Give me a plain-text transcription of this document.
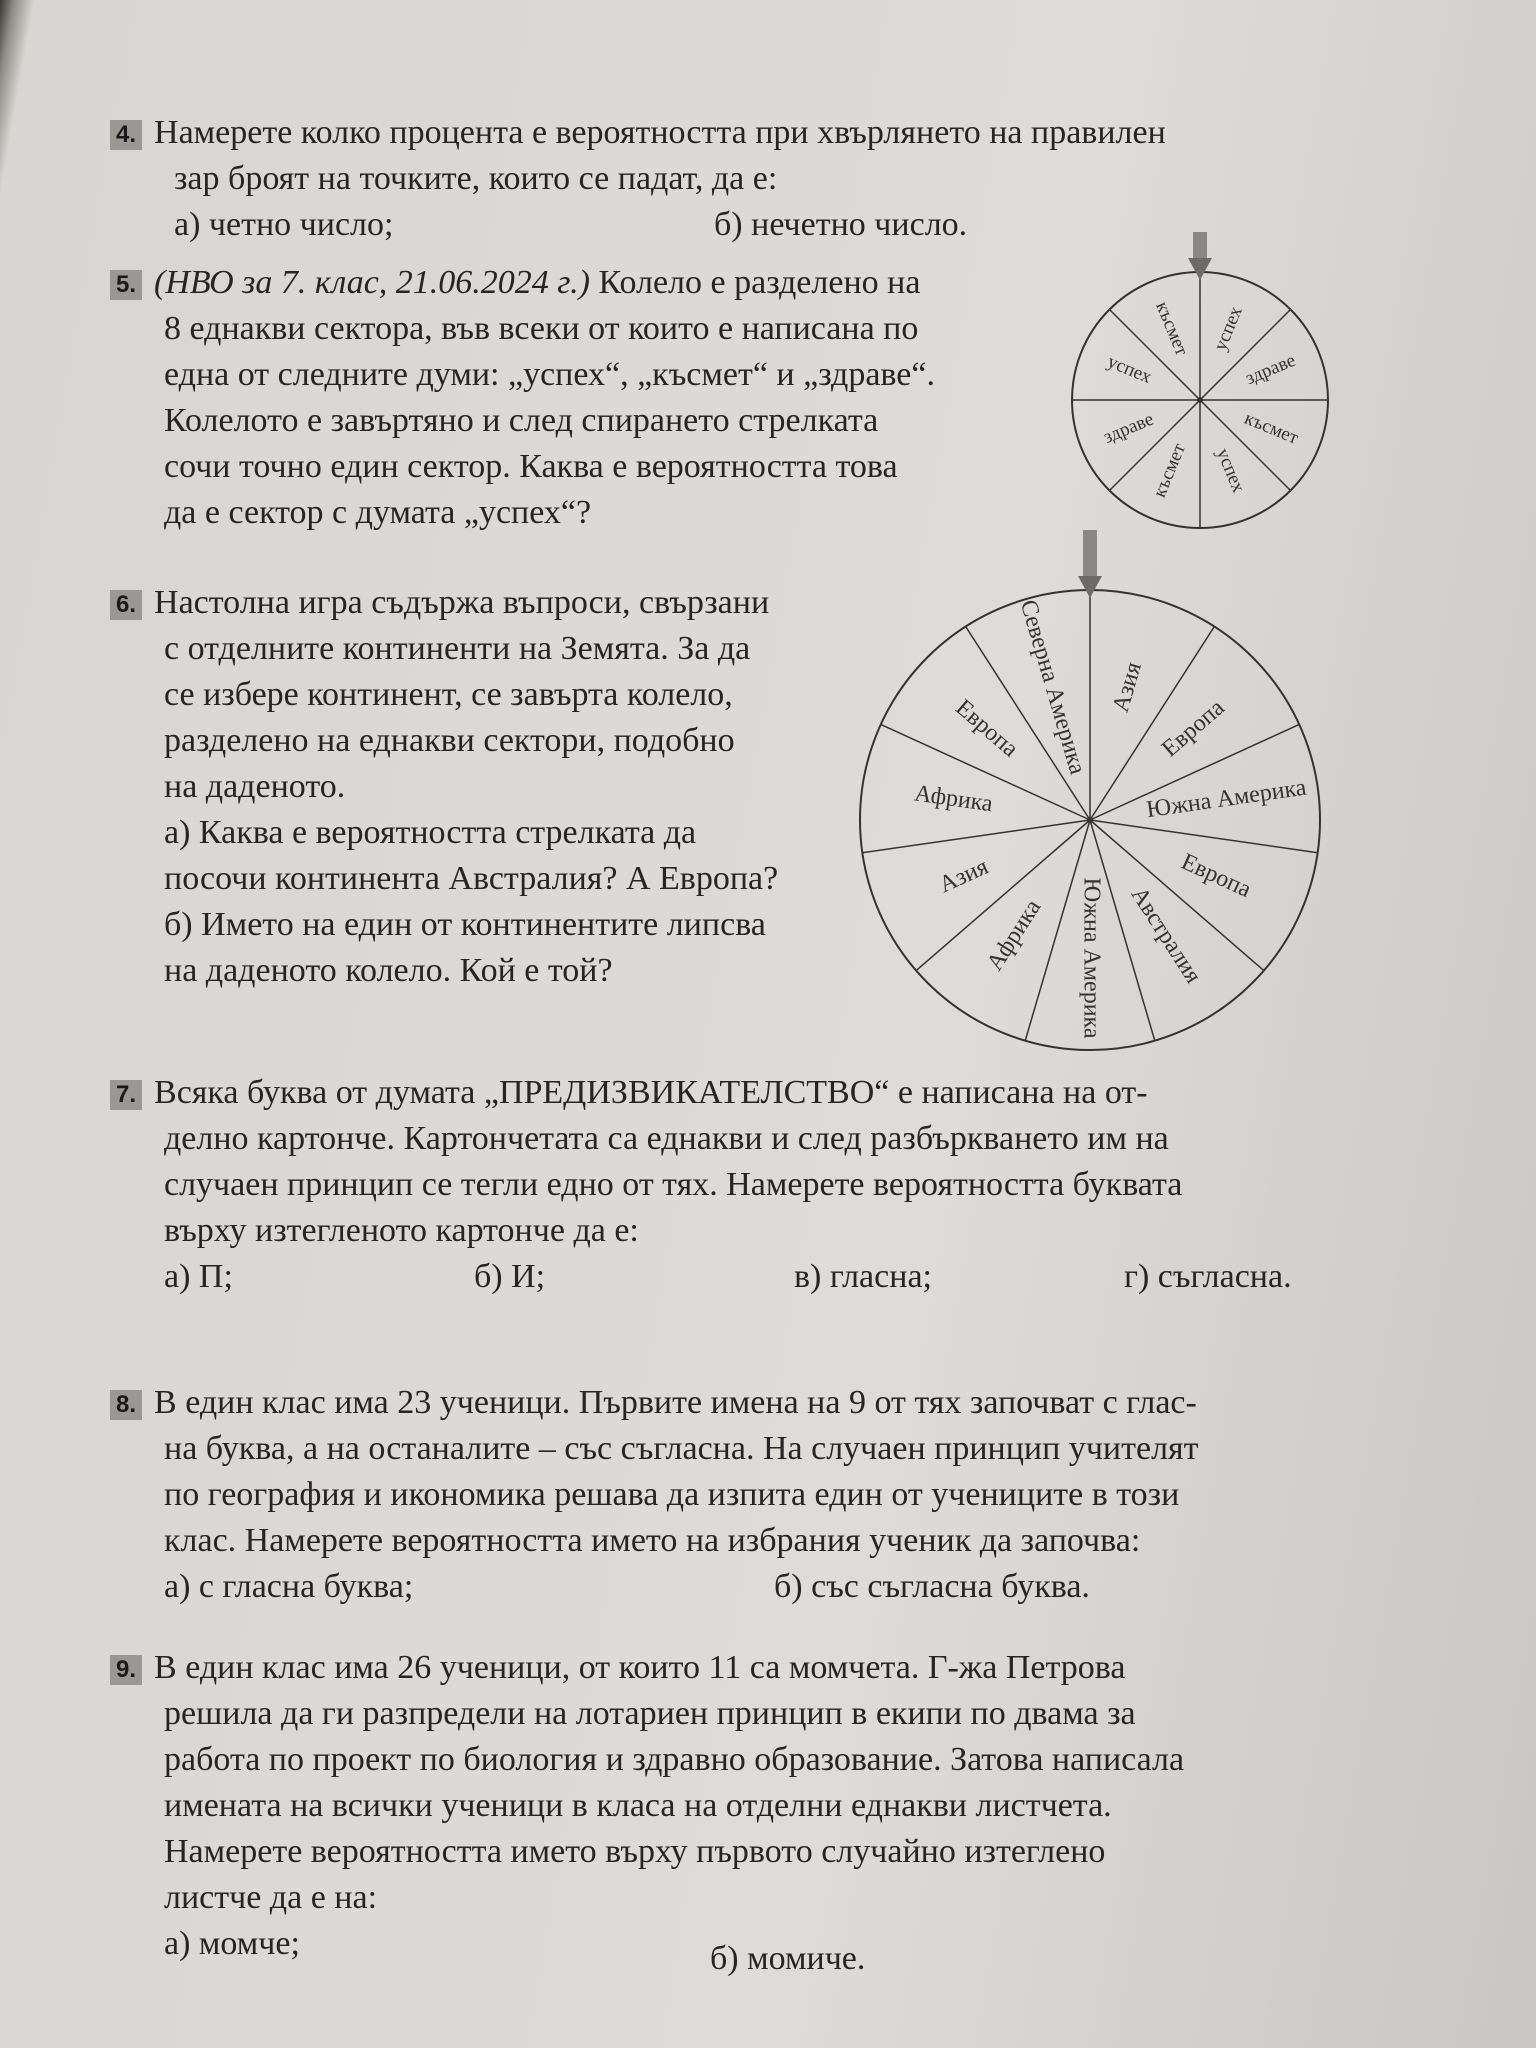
4. Намерете колко процента е вероятността при хвърлянето на правилен
зар броят на точките, които се падат, да е:
а) четно число;	б) нечетно число.
5. (НВО за 7. клас, 21.06.2024 г.) Колело е разделено на
8 еднакви сектора, във всеки от които е написана по
една от следните думи: „успех“, „късмет“ и „здраве“.
Колелото е завъртяно и след спирането стрелката
сочи точно един сектор. Каква е вероятността това
да е сектор с думата „успех“?
6. Настолна игра съдържа въпроси, свързани
с отделните континенти на Земята. За да
се избере континент, се завърта колело,
разделено на еднакви сектори, подобно
на даденото.
а) Каква е вероятността стрелката да
посочи континента Австралия? А Европа?
б) Името на един от континентите липсва
на даденото колело. Кой е той?
7. Всяка буква от думата „ПРЕДИЗВИКАТЕЛСТВО“ е написана на от-
делно картонче. Картончетата са еднакви и след разбъркването им на
случаен принцип се тегли едно от тях. Намерете вероятността буквата
върху изтегленото картонче да е:
а) П;	б) И;	в) гласна;	г) съгласна.
8. В един клас има 23 ученици. Първите имена на 9 от тях започват с глас-
на буква, а на останалите – със съгласна. На случаен принцип учителят
по география и икономика решава да изпита един от учениците в този
клас. Намерете вероятността името на избрания ученик да започва:
а) с гласна буква;	б) със съгласна буква.
9. В един клас има 26 ученици, от които 11 са момчета. Г-жа Петрова
решила да ги разпредели на лотариен принцип в екипи по двама за
работа по проект по биология и здравно образование. Затова написала
имената на всички ученици в класа на отделни еднакви листчета.
Намерете вероятността името върху първото случайно изтеглено
листче да е на:
а) момче;	б) момиче.
успех
здраве
късмет
успех
късмет
здраве
успех
късмет
Азия
Европа
Южна Америка
Европа
Австралия
Южна Америка
Африка
Азия
Африка
Европа
Северна Америка
